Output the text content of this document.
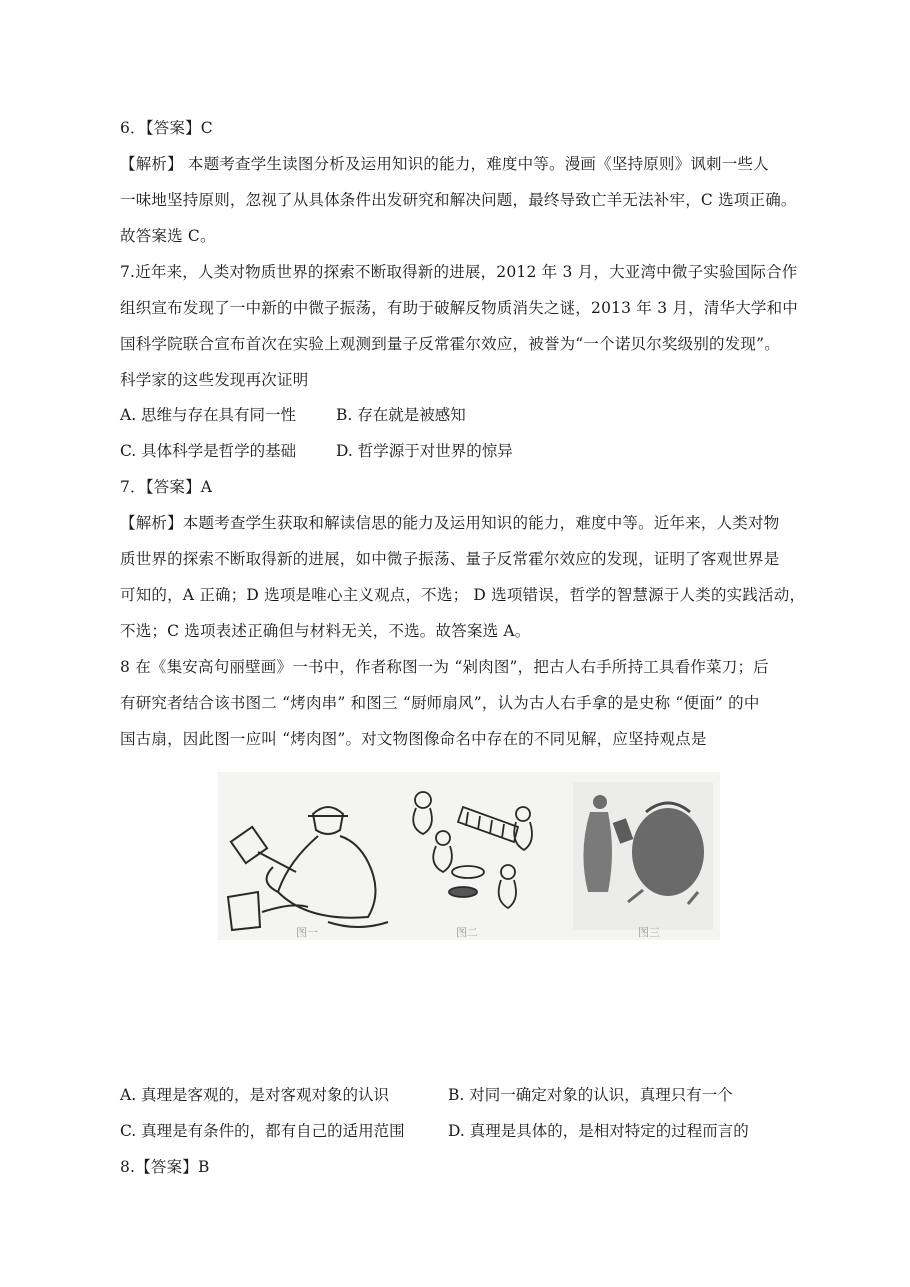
6．【答案】C
【解析】 本题考查学生读图分析及运用知识的能力，难度中等。漫画《坚持原则》讽刺一些人
一味地坚持原则，忽视了从具体条件出发研究和解决问题，最终导致亡羊无法补牢，C 选项正确。
故答案选 C。
7.近年来，人类对物质世界的探索不断取得新的进展，2012 年 3 月，大亚湾中微子实验国际合作
组织宣布发现了一中新的中微子振荡，有助于破解反物质消失之谜，2013 年 3 月，清华大学和中
国科学院联合宣布首次在实验上观测到量子反常霍尔效应，被誉为“一个诺贝尔奖级别的发现”。
科学家的这些发现再次证明
A. 思维与存在具有同一性	B. 存在就是被感知
C. 具体科学是哲学的基础	D. 哲学源于对世界的惊异
7．【答案】A
【解析】本题考查学生获取和解读信思的能力及运用知识的能力，难度中等。近年来，人类对物
质世界的探索不断取得新的进展，如中微子振荡、量子反常霍尔效应的发现，证明了客观世界是
可知的，A 正确；D 选项是唯心主义观点，不选； D 选项错误，哲学的智慧源于人类的实践活动，
不选；C 选项表述正确但与材料无关，不选。故答案选 A。
8 在《集安高句丽壁画》一书中，作者称图一为 “剁肉图”，把古人右手所持工具看作菜刀；后
有研究者结合该书图二 “烤肉串” 和图三 “厨师扇风”，认为古人右手拿的是史称 “便面” 的中
国古扇，因此图一应叫 “烤肉图”。对文物图像命名中存在的不同见解，应坚持观点是
图一	图二	图三
A. 真理是客观的，是对客观对象的认识	B. 对同一确定对象的认识，真理只有一个
C. 真理是有条件的，都有自己的适用范围	D. 真理是具体的，是相对特定的过程而言的
8.【答案】B
